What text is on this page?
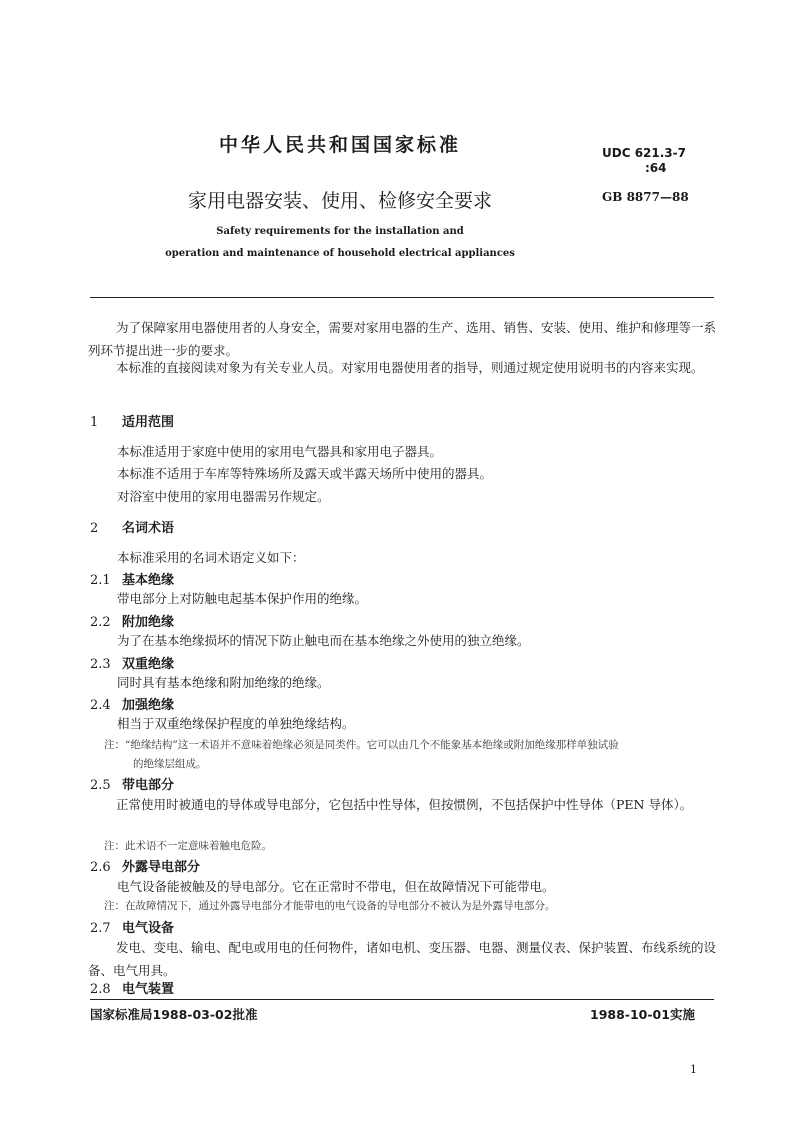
中华人民共和国国家标准	UDC 621.3-7
:64
家用电器安装、使用、检修安全要求	GB 8877—88
Safety requirements for the installation and
operation and maintenance of household electrical appliances
为了保障家用电器使用者的人身安全，需要对家用电器的生产、选用、销售、安装、使用、维护和修理等一系列环节提出进一步的要求。
本标准的直接阅读对象为有关专业人员。对家用电器使用者的指导，则通过规定使用说明书的内容来实现。
1 适用范围
本标准适用于家庭中使用的家用电气器具和家用电子器具。
本标准不适用于车库等特殊场所及露天或半露天场所中使用的器具。
对浴室中使用的家用电器需另作规定。
2 名词术语
本标准采用的名词术语定义如下：
2.1 基本绝缘
带电部分上对防触电起基本保护作用的绝缘。
2.2 附加绝缘
为了在基本绝缘损坏的情况下防止触电而在基本绝缘之外使用的独立绝缘。
2.3 双重绝缘
同时具有基本绝缘和附加绝缘的绝缘。
2.4 加强绝缘
相当于双重绝缘保护程度的单独绝缘结构。
注：“绝缘结构”这一术语并不意味着绝缘必须是同类件。它可以由几个不能象基本绝缘或附加绝缘那样单独试验
的绝缘层组成。
2.5 带电部分
正常使用时被通电的导体或导电部分，它包括中性导体，但按惯例，不包括保护中性导体（PEN 导体）。
注：此术语不一定意味着触电危险。
2.6 外露导电部分
电气设备能被触及的导电部分。它在正常时不带电，但在故障情况下可能带电。
注：在故障情况下，通过外露导电部分才能带电的电气设备的导电部分不被认为是外露导电部分。
2.7 电气设备
发电、变电、输电、配电或用电的任何物件，诸如电机、变压器、电器、测量仪表、保护装置、布线系统的设备、电气用具。
2.8 电气装置
国家标准局1988-03-02批准	1988-10-01实施
1
